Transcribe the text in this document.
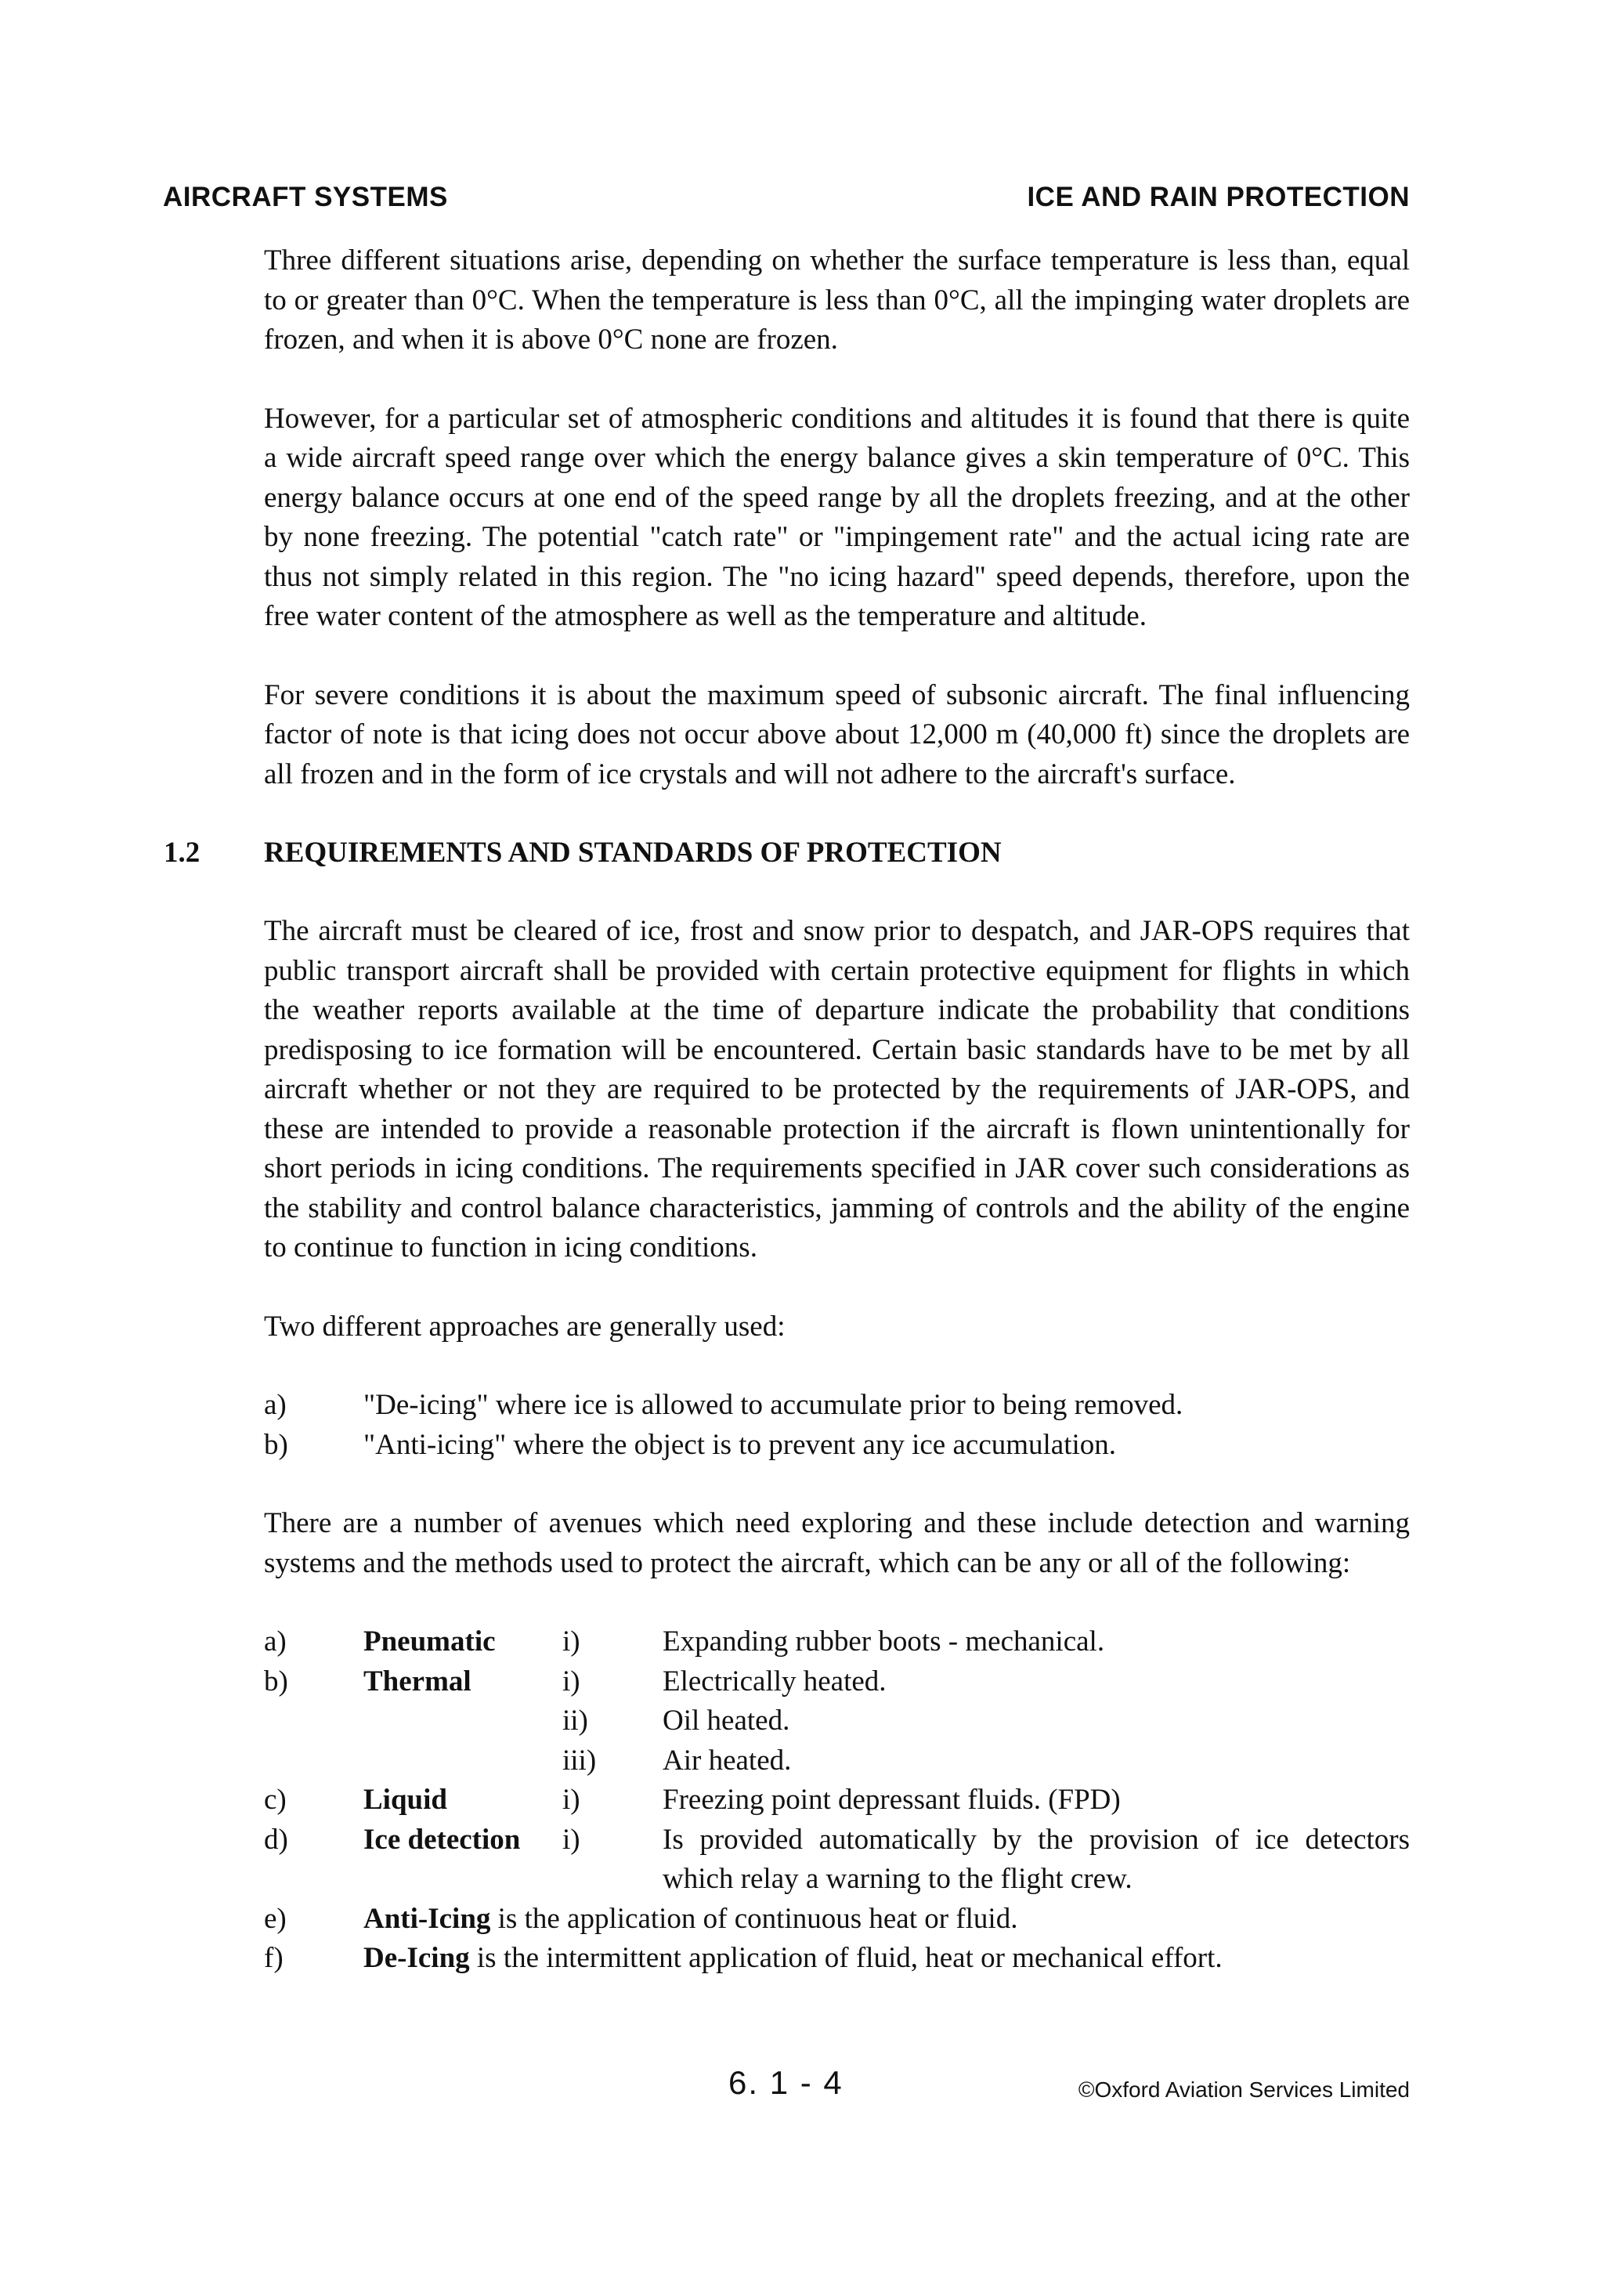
AIRCRAFT SYSTEMS	ICE AND RAIN PROTECTION

Three different situations arise, depending on whether the surface temperature is less than, equal to or greater than 0°C. When the temperature is less than 0°C, all the impinging water droplets are frozen, and when it is above 0°C none are frozen.

However, for a particular set of atmospheric conditions and altitudes it is found that there is quite a wide aircraft speed range over which the energy balance gives a skin temperature of 0°C. This energy balance occurs at one end of the speed range by all the droplets freezing, and at the other by none freezing. The potential "catch rate" or "impingement rate" and the actual icing rate are thus not simply related in this region. The "no icing hazard" speed depends, therefore, upon the free water content of the atmosphere as well as the temperature and altitude.

For severe conditions it is about the maximum speed of subsonic aircraft. The final influencing factor of note is that icing does not occur above about 12,000 m (40,000 ft) since the droplets are all frozen and in the form of ice crystals and will not adhere to the aircraft's surface.

1.2 REQUIREMENTS AND STANDARDS OF PROTECTION

The aircraft must be cleared of ice, frost and snow prior to despatch, and JAR-OPS requires that public transport aircraft shall be provided with certain protective equipment for flights in which the weather reports available at the time of departure indicate the probability that conditions predisposing to ice formation will be encountered. Certain basic standards have to be met by all aircraft whether or not they are required to be protected by the requirements of JAR-OPS, and these are intended to provide a reasonable protection if the aircraft is flown unintentionally for short periods in icing conditions. The requirements specified in JAR cover such considerations as the stability and control balance characteristics, jamming of controls and the ability of the engine to continue to function in icing conditions.

Two different approaches are generally used:

a)	"De-icing" where ice is allowed to accumulate prior to being removed.
b)	"Anti-icing" where the object is to prevent any ice accumulation.

There are a number of avenues which need exploring and these include detection and warning systems and the methods used to protect the aircraft, which can be any or all of the following:

a)	Pneumatic i)	Expanding rubber boots - mechanical.
b)	Thermal	i)	Electrically heated.
ii)	Oil heated.
iii) Air heated.
c)	Liquid	i)	Freezing point depressant fluids. (FPD)
d)	Ice detection i)	Is provided automatically by the provision of ice detectors which relay a warning to the flight crew.
e)	Anti-Icing is the application of continuous heat or fluid.
f)	De-Icing is the intermittent application of fluid, heat or mechanical effort.
6. 1 - 4	©Oxford Aviation Services Limited
